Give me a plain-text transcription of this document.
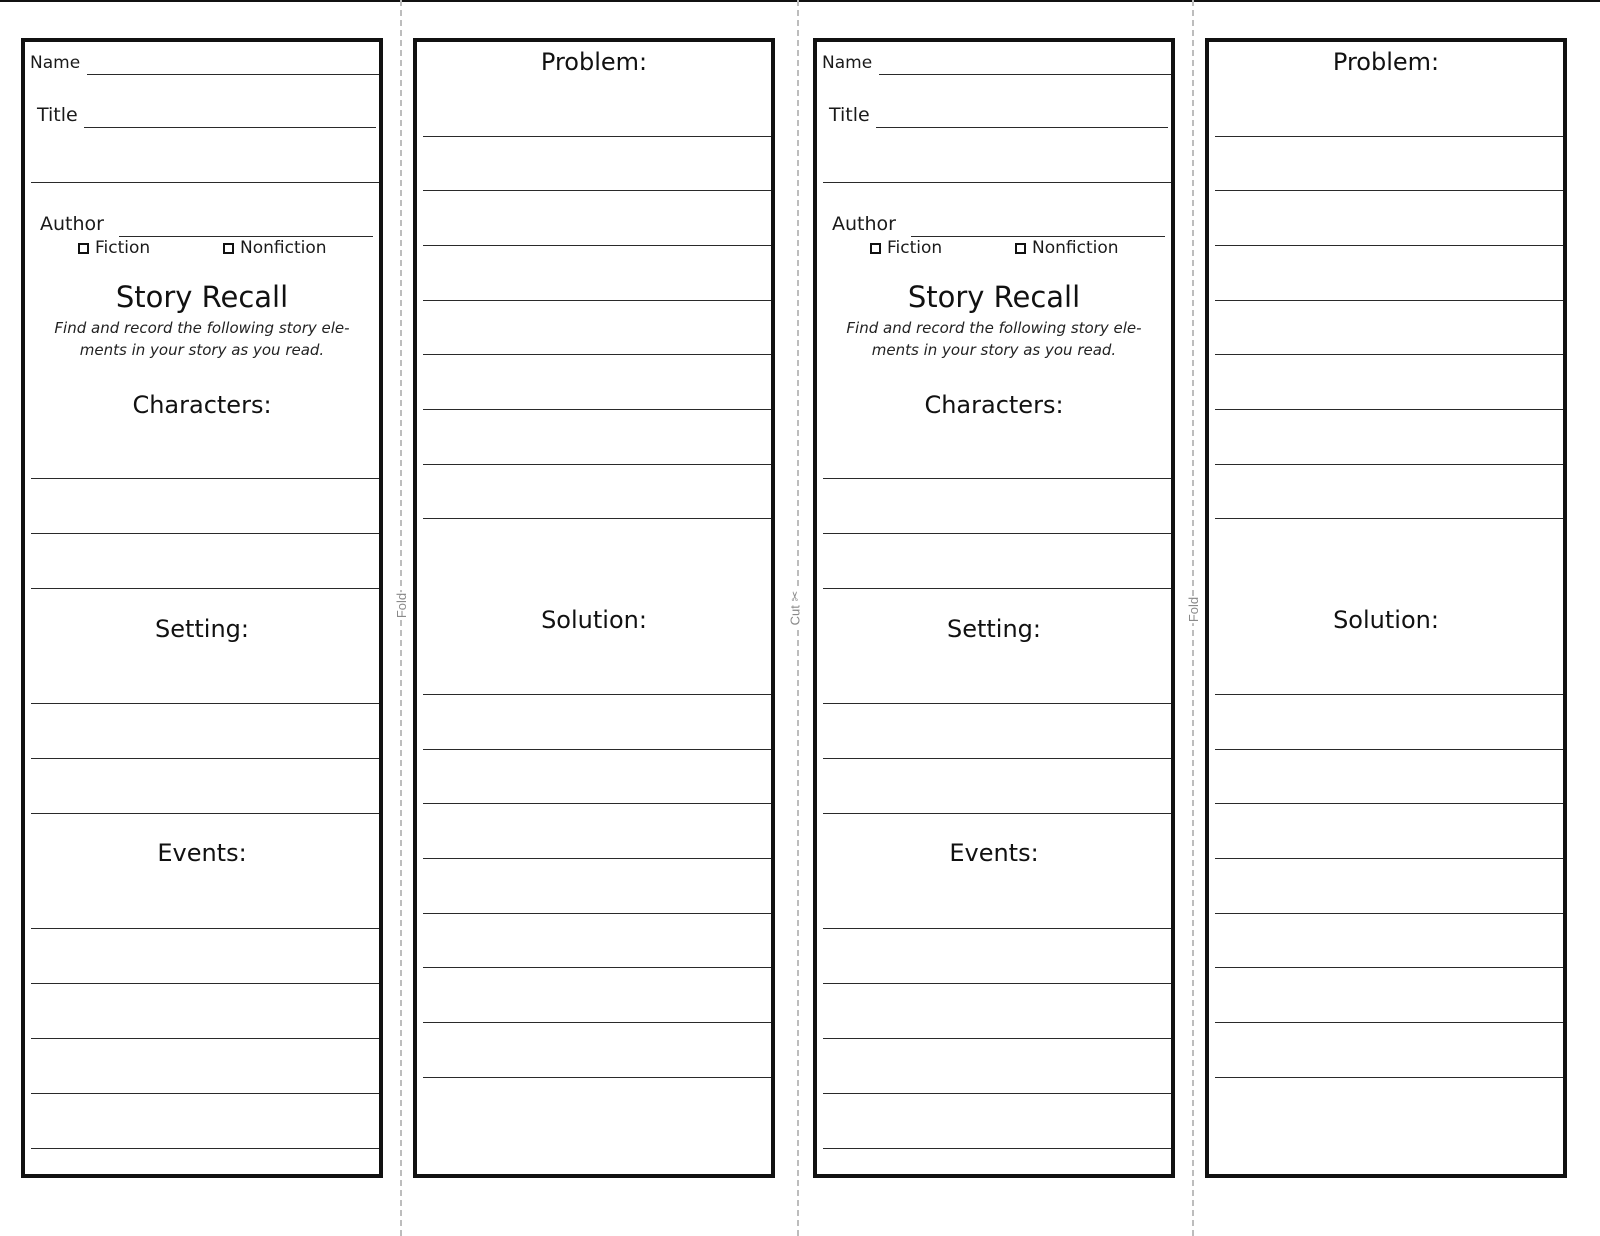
Fold	Cut ✂	Fold
Name
Title
Author
Fiction	Nonfiction
Story Recall

Find and record the following story ele-ments in your story as you read.

Characters:
Setting:
Events:
Problem:
Solution:
Name
Title
Author
Fiction	Nonfiction
Story Recall

Find and record the following story ele-ments in your story as you read.

Characters:
Setting:
Events:
Problem:
Solution:
